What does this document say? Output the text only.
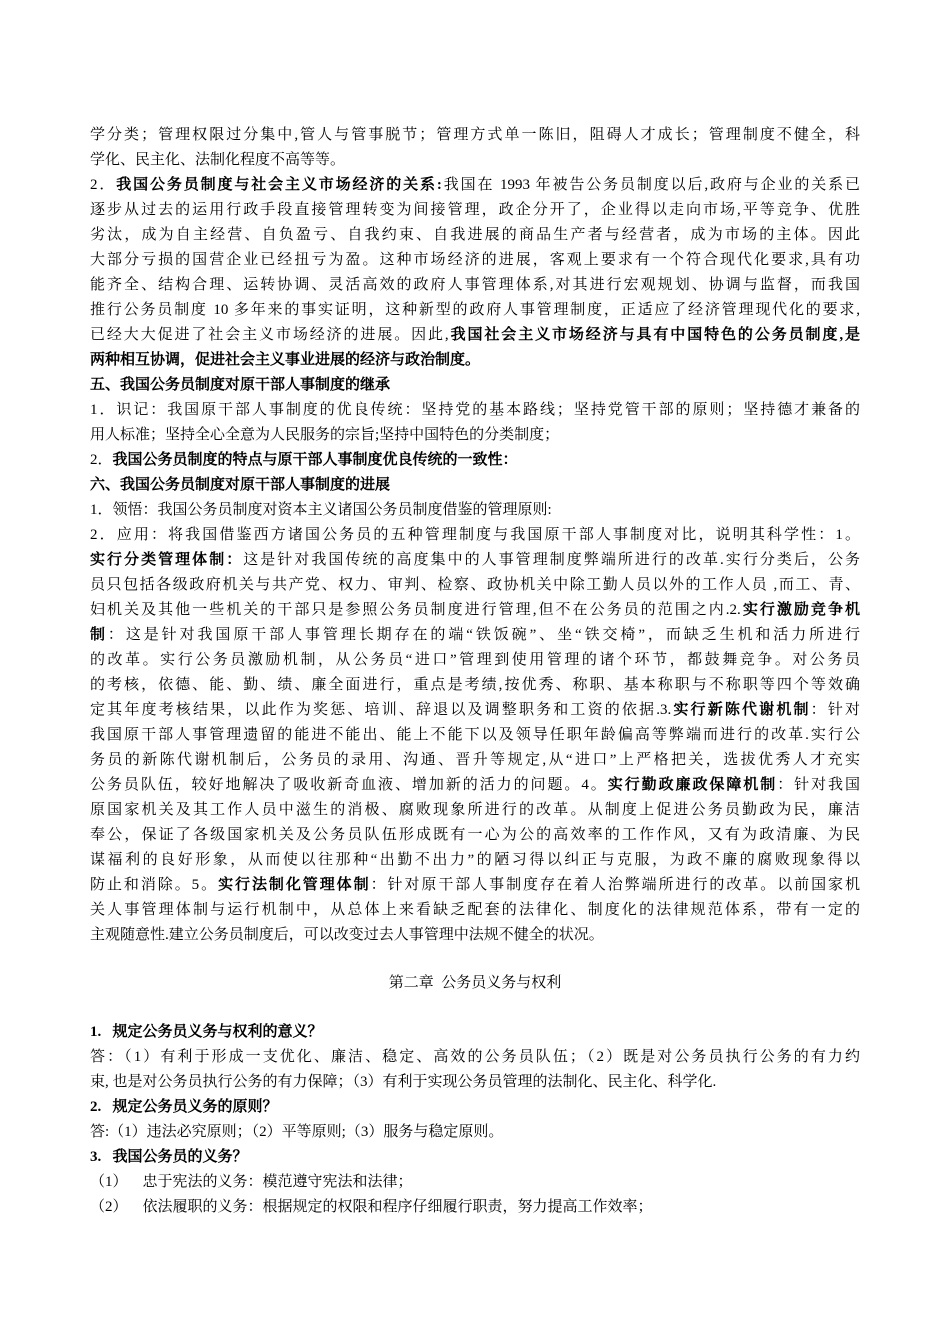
学分类；管理权限过分集中,管人与管事脱节；管理方式单一陈旧，阻碍人才成长；管理制度不健全，科
学化、民主化、法制化程度不高等等。
2．我国公务员制度与社会主义市场经济的关系:我国在 1993 年被告公务员制度以后,政府与企业的关系已
逐步从过去的运用行政手段直接管理转变为间接管理，政企分开了，企业得以走向市场,平等竞争、优胜
劣汰，成为自主经营、自负盈亏、自我约束、自我进展的商品生产者与经营者，成为市场的主体。因此
大部分亏损的国营企业已经扭亏为盈。这种市场经济的进展，客观上要求有一个符合现代化要求,具有功
能齐全、结构合理、运转协调、灵活高效的政府人事管理体系,对其进行宏观规划、协调与监督，而我国
推行公务员制度 10 多年来的事实证明，这种新型的政府人事管理制度，正适应了经济管理现代化的要求,
已经大大促进了社会主义市场经济的进展。因此,我国社会主义市场经济与具有中国特色的公务员制度,是
两种相互协调，促进社会主义事业进展的经济与政治制度。
五、我国公务员制度对原干部人事制度的继承
1．识记：我国原干部人事制度的优良传统：坚持党的基本路线；坚持党管干部的原则；坚持德才兼备的
用人标准；坚持全心全意为人民服务的宗旨;坚持中国特色的分类制度；
2．我国公务员制度的特点与原干部人事制度优良传统的一致性：
六、我国公务员制度对原干部人事制度的进展
1．领悟：我国公务员制度对资本主义诸国公务员制度借鉴的管理原则:
2．应用：将我国借鉴西方诸国公务员的五种管理制度与我国原干部人事制度对比，说明其科学性：1。
实行分类管理体制：这是针对我国传统的高度集中的人事管理制度弊端所进行的改革.实行分类后，公务
员只包括各级政府机关与共产党、权力、审判、检察、政协机关中除工勤人员以外的工作人员 ,而工、青、
妇机关及其他一些机关的干部只是参照公务员制度进行管理,但不在公务员的范围之内.2.实行激励竞争机
制：这是针对我国原干部人事管理长期存在的端“铁饭碗”、坐“铁交椅”，而缺乏生机和活力所进行
的改革。实行公务员激励机制，从公务员“进口”管理到使用管理的诸个环节，都鼓舞竞争。对公务员
的考核，依德、能、勤、绩、廉全面进行，重点是考绩,按优秀、称职、基本称职与不称职等四个等效确
定其年度考核结果，以此作为奖惩、培训、辞退以及调整职务和工资的依据.3.实行新陈代谢机制：针对
我国原干部人事管理遗留的能进不能出、能上不能下以及领导任职年龄偏高等弊端而进行的改革.实行公
务员的新陈代谢机制后，公务员的录用、沟通、晋升等规定,从“进口”上严格把关，选拔优秀人才充实
公务员队伍，较好地解决了吸收新奇血液、增加新的活力的问题。4。实行勤政廉政保障机制：针对我国
原国家机关及其工作人员中滋生的消极、腐败现象所进行的改革。从制度上促进公务员勤政为民，廉洁
奉公，保证了各级国家机关及公务员队伍形成既有一心为公的高效率的工作作风，又有为政清廉、为民
谋福利的良好形象，从而使以往那种“出勤不出力”的陋习得以纠正与克服，为政不廉的腐败现象得以
防止和消除。5。实行法制化管理体制：针对原干部人事制度存在着人治弊端所进行的改革。以前国家机
关人事管理体制与运行机制中，从总体上来看缺乏配套的法律化、制度化的法律规范体系，带有一定的
主观随意性.建立公务员制度后，可以改变过去人事管理中法规不健全的状况。
第二章  公务员义务与权利
1.   规定公务员义务与权利的意义？
答：（1）有利于形成一支优化、廉洁、稳定、高效的公务员队伍；（2）既是对公务员执行公务的有力约
束, 也是对公务员执行公务的有力保障；（3）有利于实现公务员管理的法制化、民主化、科学化.
2.   规定公务员义务的原则？
答:（1）违法必究原则；（2）平等原则;（3）服务与稳定原则。
3.   我国公务员的义务？
（1）    忠于宪法的义务：模范遵守宪法和法律；
（2）    依法履职的义务：根据规定的权限和程序仔细履行职责，努力提高工作效率；
